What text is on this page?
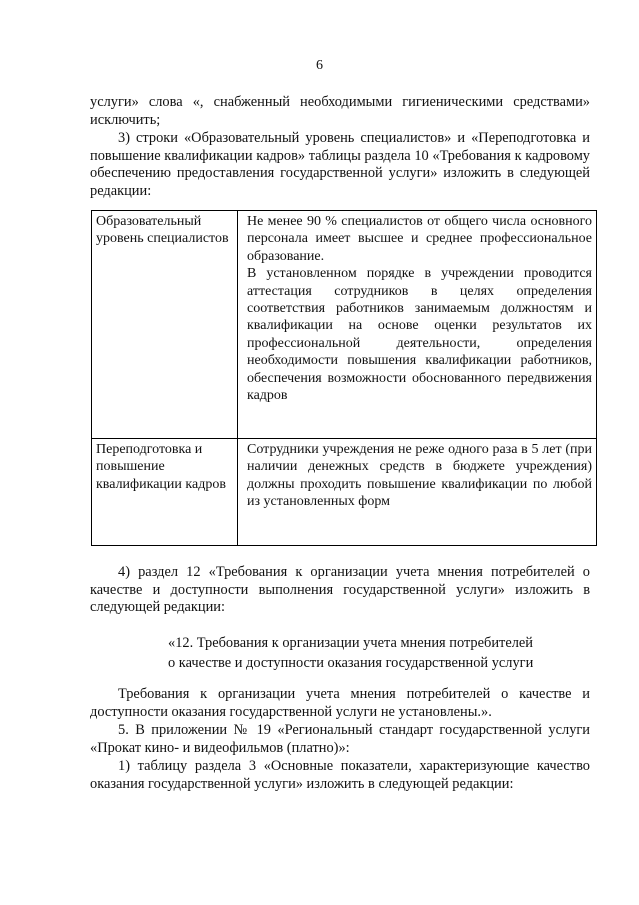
6

услуги» слова «, снабженный необходимыми гигиеническими средствами» исключить;

3) строки «Образовательный уровень специалистов» и «Переподготовка и повышение квалификации кадров» таблицы раздела 10 «Требования к кадровому обеспечению предоставления государственной услуги» изложить в следующей редакции:

Образовательный уровень специалистов

Не менее 90 % специалистов от общего числа основного персонала имеет высшее и среднее профессиональное образование.

В установленном порядке в учреждении проводится аттестация сотрудников в целях определения соответствия работников занимаемым должностям и квалификации на основе оценки результатов их профессиональной деятельности, определения необходимости повышения квалификации работников, обеспечения возможности обоснованного передвижения кадров

Переподготовка и повышение квалификации кадров

Сотрудники учреждения не реже одного раза в 5 лет (при наличии денежных средств в бюджете учреждения) должны проходить повышение квалификации по любой из установленных форм

4) раздел 12 «Требования к организации учета мнения потребителей о качестве и доступности выполнения государственной услуги» изложить в следующей редакции:

«12. Требования к организации учета мнения потребителей
о качестве и доступности оказания государственной услуги

Требования к организации учета мнения потребителей о качестве и доступности оказания государственной услуги не установлены.».

5. В приложении № 19 «Региональный стандарт государственной услуги «Прокат кино- и видеофильмов (платно)»:

1) таблицу раздела 3 «Основные показатели, характеризующие качество оказания государственной услуги» изложить в следующей редакции:
